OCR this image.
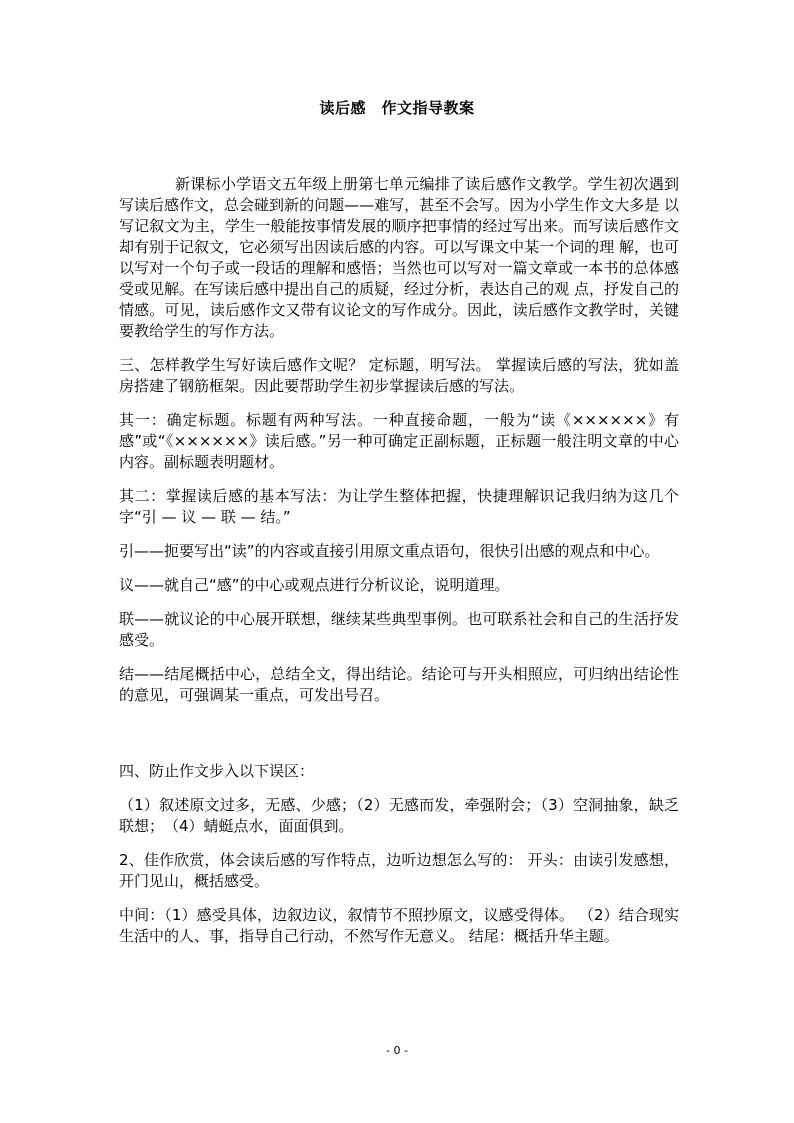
读后感　作文指导教案

新课标小学语文五年级上册第七单元编排了读后感作文教学。学生初次遇到写读后感作文，总会碰到新的问题——难写，甚至不会写。因为小学生作文大多是 以写记叙文为主，学生一般能按事情发展的顺序把事情的经过写出来。而写读后感作文却有别于记叙文，它必须写出因读后感的内容。可以写课文中某一个词的理 解，也可以写对一个句子或一段话的理解和感悟；当然也可以写对一篇文章或一本书的总体感受或见解。在写读后感中提出自己的质疑，经过分析，表达自己的观 点，抒发自己的情感。可见，读后感作文又带有议论文的写作成分。因此，读后感作文教学时，关键要教给学生的写作方法。

三、怎样教学生写好读后感作文呢？ 定标题，明写法。 掌握读后感的写法，犹如盖房搭建了钢筋框架。因此要帮助学生初步掌握读后感的写法。

其一：确定标题。标题有两种写法。一种直接命题，一般为“读《××××××》有感”或“《××××××》读后感。”另一种可确定正副标题，正标题一般注明文章的中心内容。副标题表明题材。

其二：掌握读后感的基本写法：为让学生整体把握，快捷理解识记我归纳为这几个字“引 — 议 — 联 — 结。”

引——扼要写出“读”的内容或直接引用原文重点语句，很快引出感的观点和中心。

议——就自己“感”的中心或观点进行分析议论，说明道理。

联——就议论的中心展开联想，继续某些典型事例。也可联系社会和自己的生活抒发感受。

结——结尾概括中心，总结全文，得出结论。结论可与开头相照应，可归纳出结论性的意见，可强调某一重点，可发出号召。

四、防止作文步入以下误区：

（1）叙述原文过多，无感、少感；（2）无感而发，牵强附会；（3）空洞抽象，缺乏联想；　（4）蜻蜓点水，面面俱到。

2、佳作欣赏，体会读后感的写作特点，边听边想怎么写的： 开头：由读引发感想，开门见山，概括感受。

中间：（1）感受具体，边叙边议，叙情节不照抄原文，议感受得体。 （2）结合现实生活中的人、事，指导自己行动，不然写作无意义。 结尾：概括升华主题。

- 0 -
